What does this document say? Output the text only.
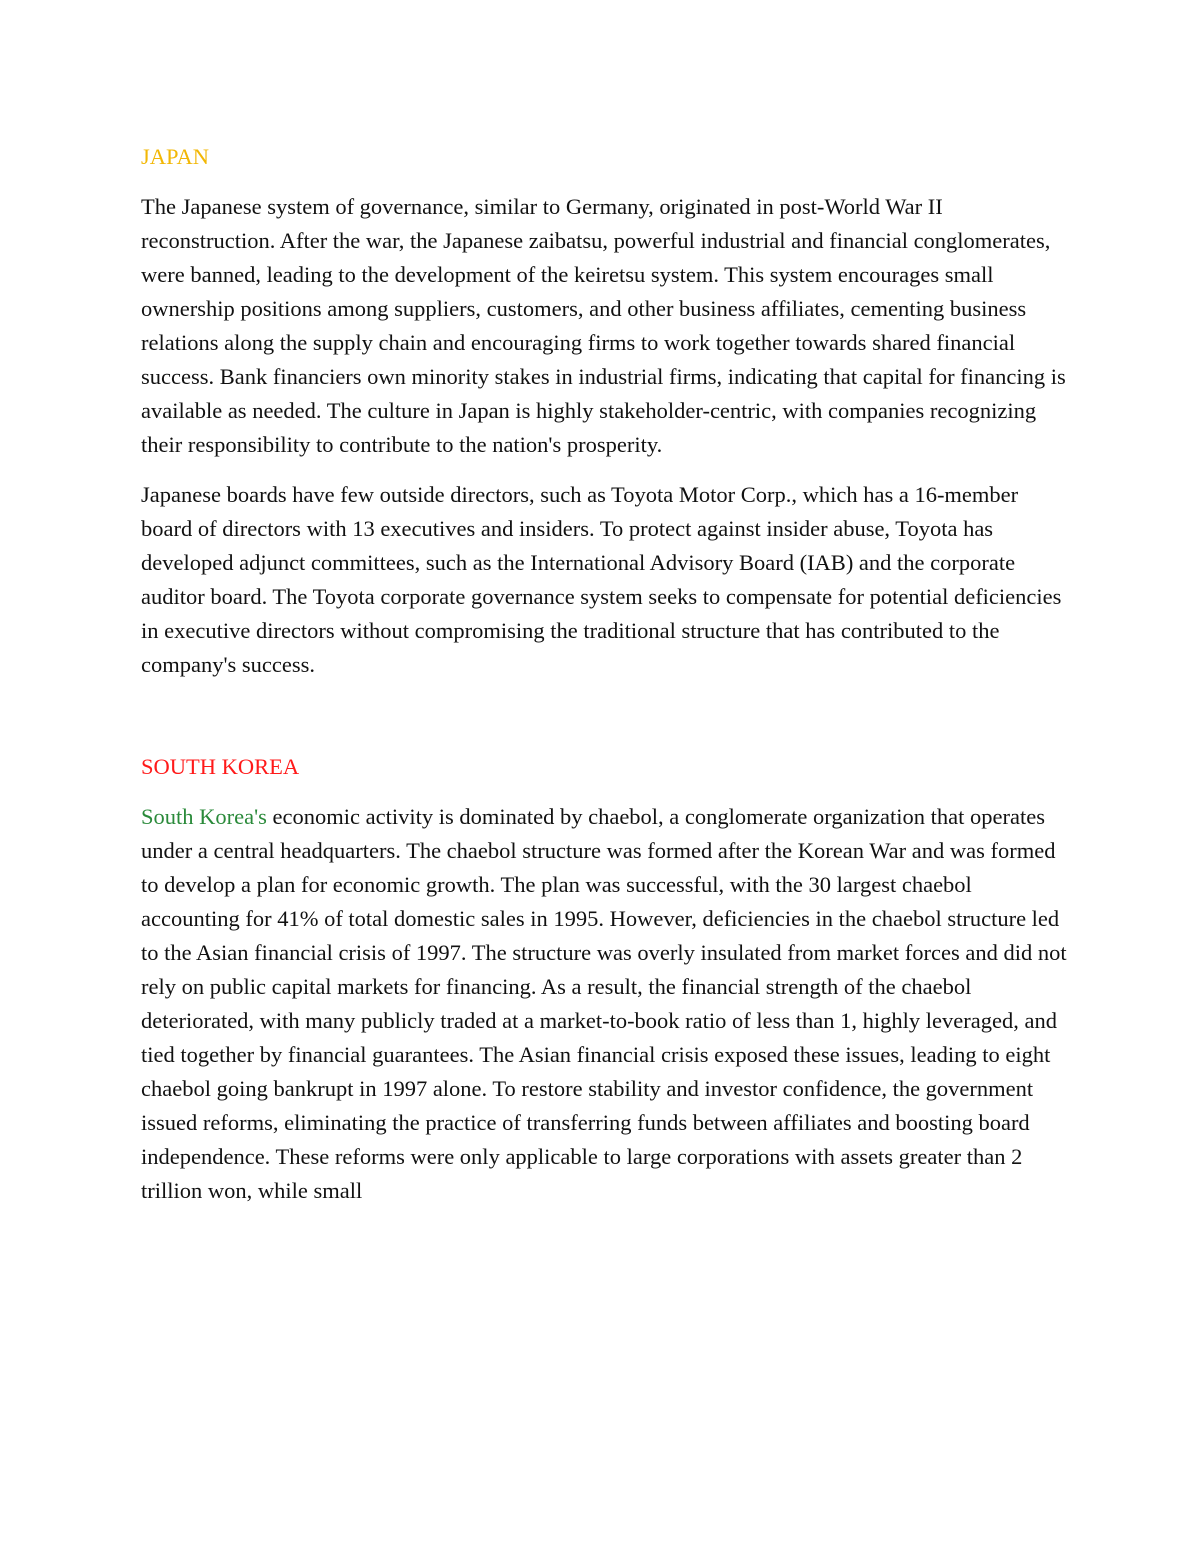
JAPAN

The Japanese system of governance, similar to Germany, originated in post-World War II reconstruction. After the war, the Japanese zaibatsu, powerful industrial and financial conglomerates, were banned, leading to the development of the keiretsu system. This system encourages small ownership positions among suppliers, customers, and other business affiliates, cementing business relations along the supply chain and encouraging firms to work together towards shared financial success. Bank financiers own minority stakes in industrial firms, indicating that capital for financing is available as needed. The culture in Japan is highly stakeholder-centric, with companies recognizing their responsibility to contribute to the nation's prosperity.

Japanese boards have few outside directors, such as Toyota Motor Corp., which has a 16-member board of directors with 13 executives and insiders. To protect against insider abuse, Toyota has developed adjunct committees, such as the International Advisory Board (IAB) and the corporate auditor board. The Toyota corporate governance system seeks to compensate for potential deficiencies in executive directors without compromising the traditional structure that has contributed to the company's success.

SOUTH KOREA

South Korea's economic activity is dominated by chaebol, a conglomerate organization that operates under a central headquarters. The chaebol structure was formed after the Korean War and was formed to develop a plan for economic growth. The plan was successful, with the 30 largest chaebol accounting for 41% of total domestic sales in 1995. However, deficiencies in the chaebol structure led to the Asian financial crisis of 1997. The structure was overly insulated from market forces and did not rely on public capital markets for financing. As a result, the financial strength of the chaebol deteriorated, with many publicly traded at a market-to-book ratio of less than 1, highly leveraged, and tied together by financial guarantees. The Asian financial crisis exposed these issues, leading to eight chaebol going bankrupt in 1997 alone. To restore stability and investor confidence, the government issued reforms, eliminating the practice of transferring funds between affiliates and boosting board independence. These reforms were only applicable to large corporations with assets greater than 2 trillion won, while small
